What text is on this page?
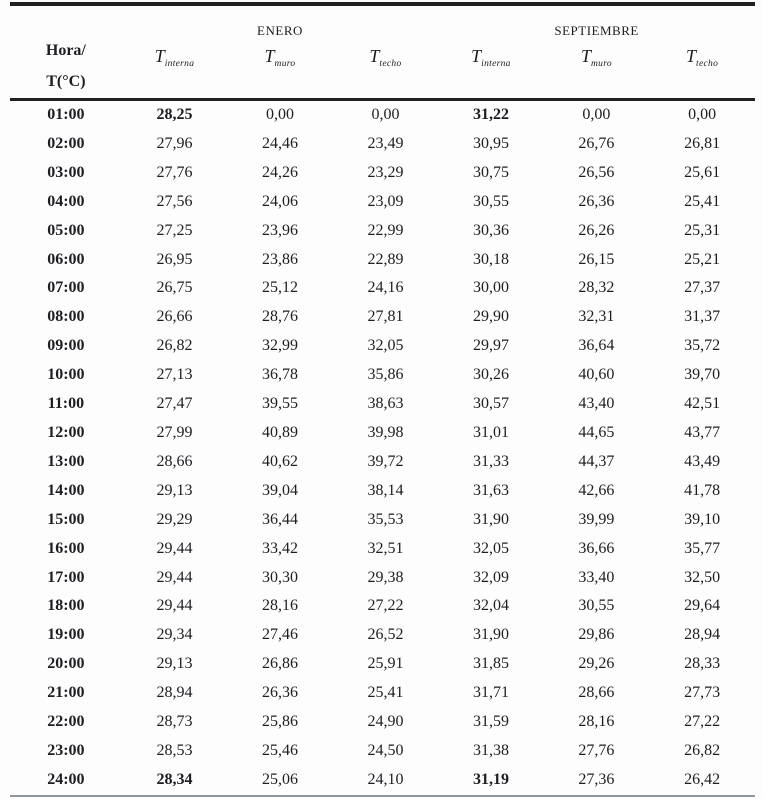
Hora/
T(°C)	ENERO			SEPTIEMBRE		
	$T_{interna}$	$T_{muro}$	$T_{techo}$	$T_{interna}$	$T_{muro}$	$T_{techo}$
01:00	28,25	0,00	0,00	31,22	0,00	0,00
02:00	27,96	24,46	23,49	30,95	26,76	26,81
03:00	27,76	24,26	23,29	30,75	26,56	25,61
04:00	27,56	24,06	23,09	30,55	26,36	25,41
05:00	27,25	23,96	22,99	30,36	26,26	25,31
06:00	26,95	23,86	22,89	30,18	26,15	25,21
07:00	26,75	25,12	24,16	30,00	28,32	27,37
08:00	26,66	28,76	27,81	29,90	32,31	31,37
09:00	26,82	32,99	32,05	29,97	36,64	35,72
10:00	27,13	36,78	35,86	30,26	40,60	39,70
11:00	27,47	39,55	38,63	30,57	43,40	42,51
12:00	27,99	40,89	39,98	31,01	44,65	43,77
13:00	28,66	40,62	39,72	31,33	44,37	43,49
14:00	29,13	39,04	38,14	31,63	42,66	41,78
15:00	29,29	36,44	35,53	31,90	39,99	39,10
16:00	29,44	33,42	32,51	32,05	36,66	35,77
17:00	29,44	30,30	29,38	32,09	33,40	32,50
18:00	29,44	28,16	27,22	32,04	30,55	29,64
19:00	29,34	27,46	26,52	31,90	29,86	28,94
20:00	29,13	26,86	25,91	31,85	29,26	28,33
21:00	28,94	26,36	25,41	31,71	28,66	27,73
22:00	28,73	25,86	24,90	31,59	28,16	27,22
23:00	28,53	25,46	24,50	31,38	27,76	26,82
24:00	28,34	25,06	24,10	31,19	27,36	26,42
